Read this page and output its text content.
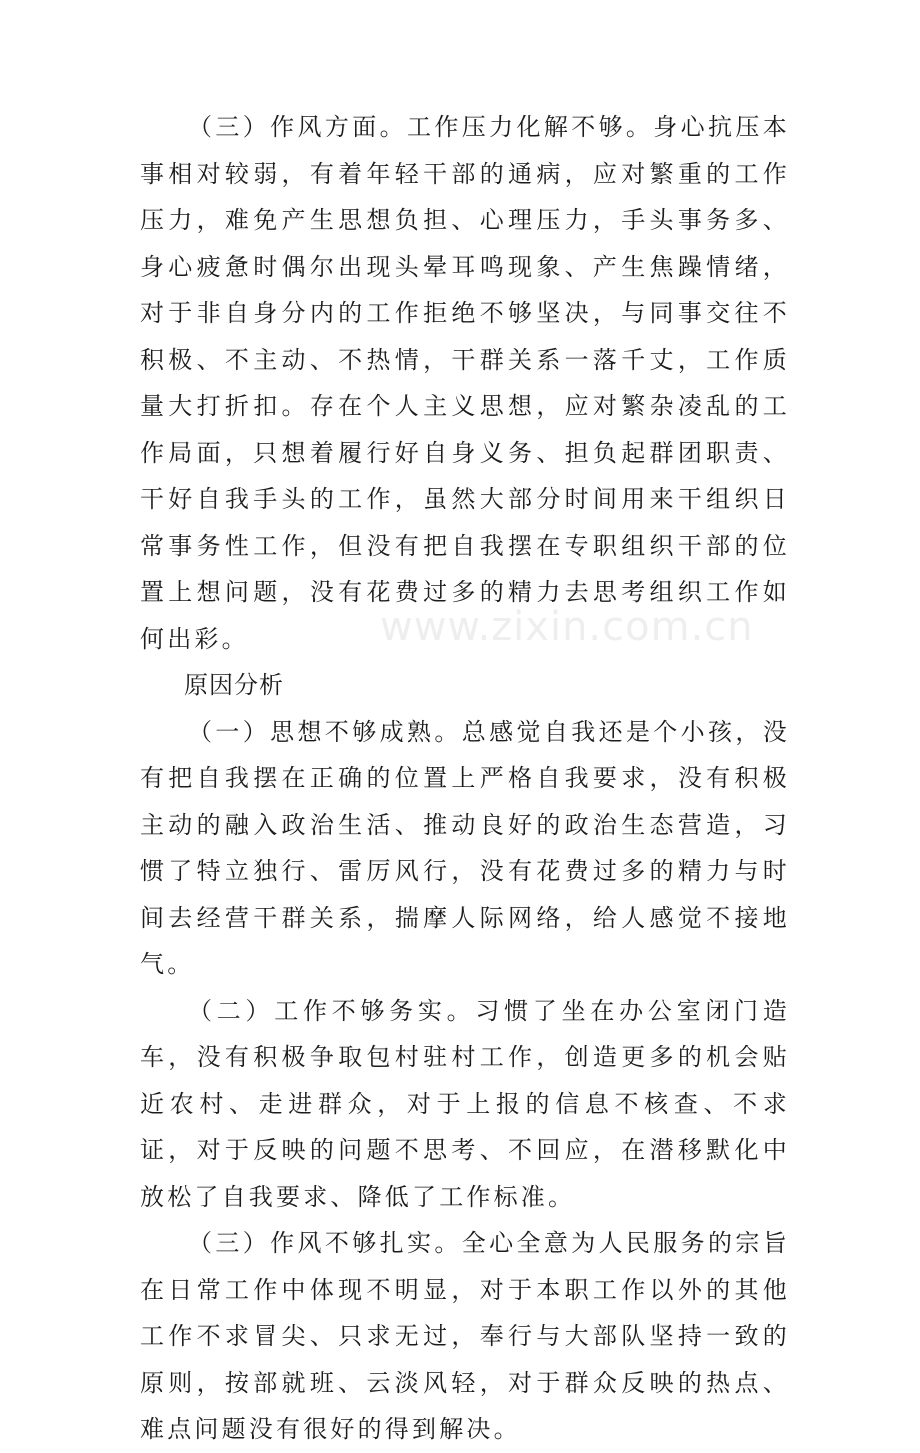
（三）作风方面。工作压力化解不够。身心抗压本事相对较弱，有着年轻干部的通病，应对繁重的工作压力，难免产生思想负担、心理压力，手头事务多、身心疲惫时偶尔出现头晕耳鸣现象、产生焦躁情绪，对于非自身分内的工作拒绝不够坚决，与同事交往不积极、不主动、不热情，干群关系一落千丈，工作质量大打折扣。存在个人主义思想，应对繁杂凌乱的工作局面，只想着履行好自身义务、担负起群团职责、干好自我手头的工作，虽然大部分时间用来干组织日常事务性工作，但没有把自我摆在专职组织干部的位置上想问题，没有花费过多的精力去思考组织工作如何出彩。

原因分析

（一）思想不够成熟。总感觉自我还是个小孩，没有把自我摆在正确的位置上严格自我要求，没有积极主动的融入政治生活、推动良好的政治生态营造，习惯了特立独行、雷厉风行，没有花费过多的精力与时间去经营干群关系，揣摩人际网络，给人感觉不接地气。

（二）工作不够务实。习惯了坐在办公室闭门造车，没有积极争取包村驻村工作，创造更多的机会贴近农村、走进群众，对于上报的信息不核查、不求证，对于反映的问题不思考、不回应，在潜移默化中放松了自我要求、降低了工作标准。

（三）作风不够扎实。全心全意为人民服务的宗旨在日常工作中体现不明显，对于本职工作以外的其他工作不求冒尖、只求无过，奉行与大部队坚持一致的原则，按部就班、云淡风轻，对于群众反映的热点、难点问题没有很好的得到解决。

www.zixin.com.cn
